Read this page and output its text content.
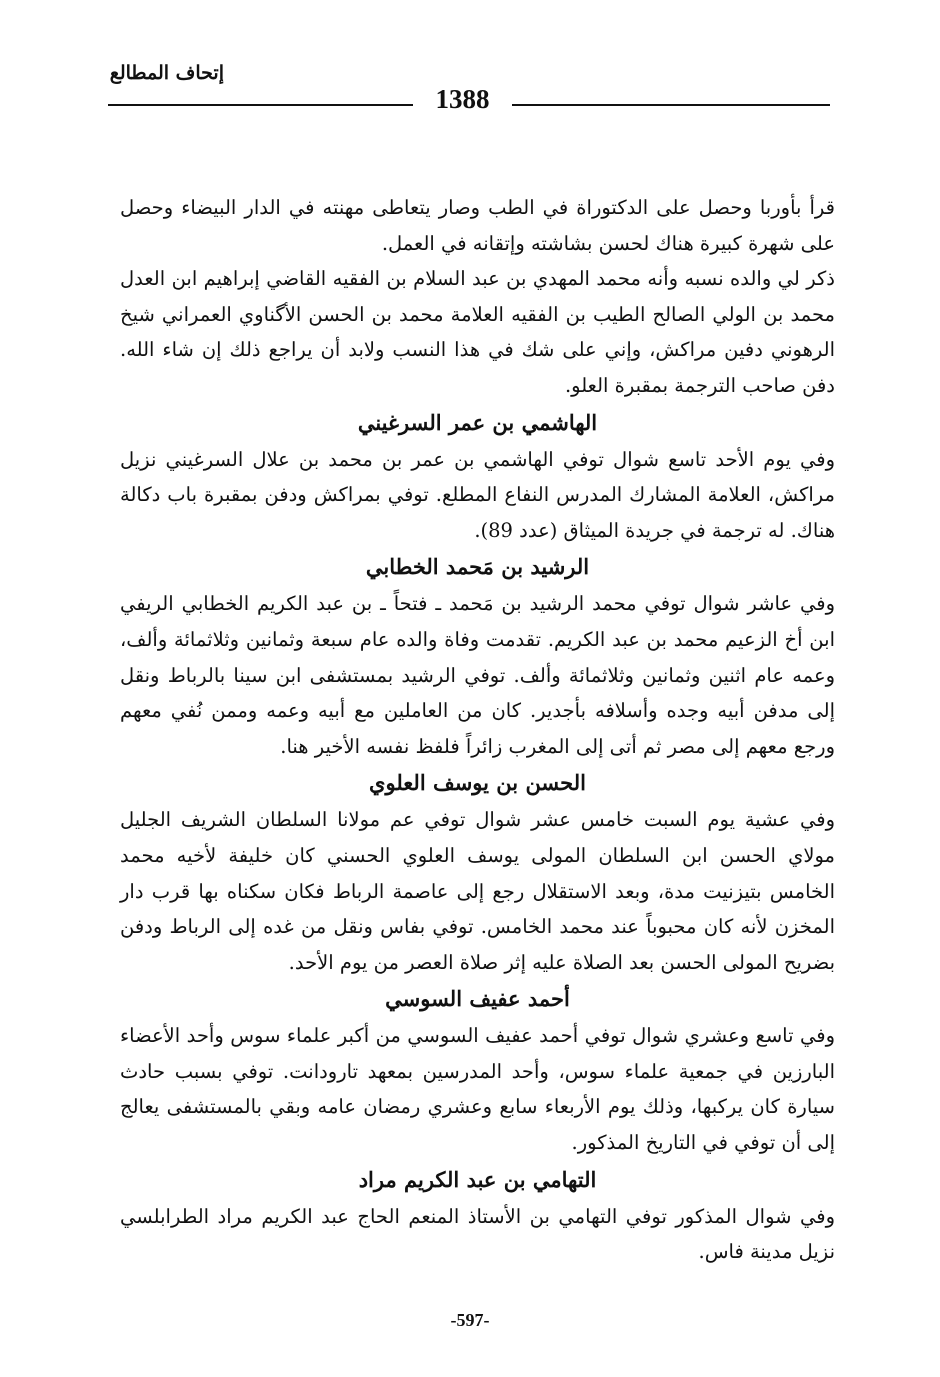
إتحاف المطالع
1388

قرأ بأوربا وحصل على الدكتوراة في الطب وصار يتعاطى مهنته في الدار البيضاء وحصل على شهرة كبيرة هناك لحسن بشاشته وإتقانه في العمل.

ذكر لي والده نسبه وأنه محمد المهدي بن عبد السلام بن الفقيه القاضي إبراهيم ابن العدل محمد بن الولي الصالح الطيب بن الفقيه العلامة محمد بن الحسن الأگناوي العمراني شيخ الرهوني دفين مراكش، وإني على شك في هذا النسب ولابد أن يراجع ذلك إن شاء الله. دفن صاحب الترجمة بمقبرة العلو.

الهاشمي بن عمر السرغيني

وفي يوم الأحد تاسع شوال توفي الهاشمي بن عمر بن محمد بن علال السرغيني نزيل مراكش، العلامة المشارك المدرس النفاع المطلع. توفي بمراكش ودفن بمقبرة باب دكالة هناك. له ترجمة في جريدة الميثاق (عدد 89).

الرشيد بن مَحمد الخطابي

وفي عاشر شوال توفي محمد الرشيد بن مَحمد ـ فتحاً ـ بن عبد الكريم الخطابي الريفي ابن أخ الزعيم محمد بن عبد الكريم. تقدمت وفاة والده عام سبعة وثمانين وثلاثمائة وألف، وعمه عام اثنين وثمانين وثلاثمائة وألف. توفي الرشيد بمستشفى ابن سينا بالرباط ونقل إلى مدفن أبيه وجده وأسلافه بأجدير. كان من العاملين مع أبيه وعمه وممن نُفي معهم ورجع معهم إلى مصر ثم أتى إلى المغرب زائراً فلفظ نفسه الأخير هنا.

الحسن بن يوسف العلوي

وفي عشية يوم السبت خامس عشر شوال توفي عم مولانا السلطان الشريف الجليل مولاي الحسن ابن السلطان المولى يوسف العلوي الحسني كان خليفة لأخيه محمد الخامس بتيزنيت مدة، وبعد الاستقلال رجع إلى عاصمة الرباط فكان سكناه بها قرب دار المخزن لأنه كان محبوباً عند محمد الخامس. توفي بفاس ونقل من غده إلى الرباط ودفن بضريح المولى الحسن بعد الصلاة عليه إثر صلاة العصر من يوم الأحد.

أحمد عفيف السوسي

وفي تاسع وعشري شوال توفي أحمد عفيف السوسي من أكبر علماء سوس وأحد الأعضاء البارزين في جمعية علماء سوس، وأحد المدرسين بمعهد تارودانت. توفي بسبب حادث سيارة كان يركبها، وذلك يوم الأربعاء سابع وعشري رمضان عامه وبقي بالمستشفى يعالج إلى أن توفي في التاريخ المذكور.

التهامي بن عبد الكريم مراد

وفي شوال المذكور توفي التهامي بن الأستاذ المنعم الحاج عبد الكريم مراد الطرابلسي نزيل مدينة فاس.

-597-
